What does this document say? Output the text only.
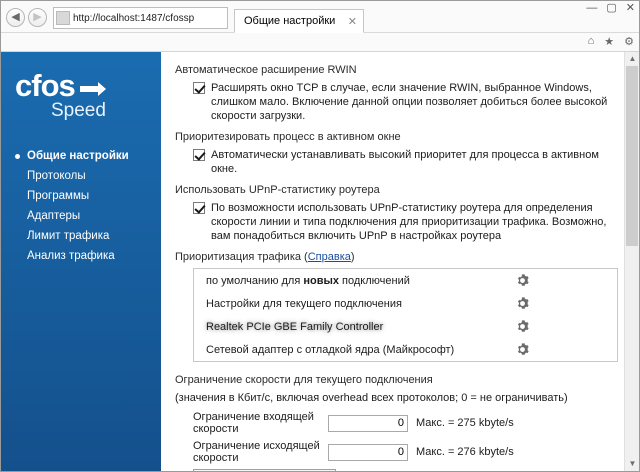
◀	▶	http://localhost:1487/cfossp	Общие настройки ✕
— ▢ ✕
⌂ ★ ⚙
cfos
Speed
Общие настройки
Протоколы
Программы
Адаптеры
Лимит трафика
Анализ трафика
Автоматическое расширение RWIN
Расширять окно TCP в случае, если значение RWIN, выбранное Windows, слишком мало. Включение данной опции позволяет добиться более высокой скорости загрузки.
Приоритезировать процесс в активном окне
Автоматически устанавливать высокий приоритет для процесса в активном окне.
Использовать UPnP-статистику роутера
По возможности использовать UPnP-статистику роутера для определения скорости линии и типа подключения для приоритизации трафика. Возможно, вам понадобиться включить UPnP в настройках роутера
Приоритизация трафика (Справка)
по умолчанию для новых подключений
Настройки для текущего подключения
Realtek PCIe GBE Family Controller
Сетевой адаптер с отладкой ядра (Майкрософт)
Ограничение скорости для текущего подключения
(значения в Кбит/с, включая overhead всех протоколов; 0 = не ограничивать)
Ограничение входящей скорости
0	Макс. = 275 kbyte/s
Ограничение исходящей скорости
0	Макс. = 276 kbyte/s
▲
▼
